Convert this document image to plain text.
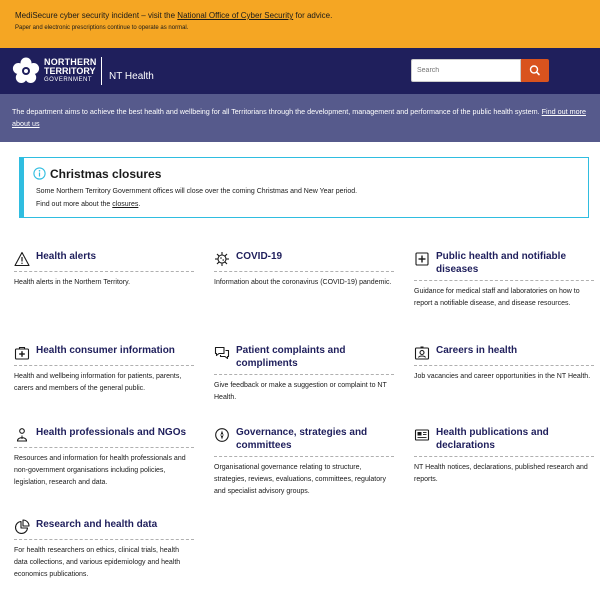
MediSecure cyber security incident – visit the National Office of Cyber Security for advice.
Paper and electronic prescriptions continue to operate as normal.
NORTHERN
TERRITORY
GOVERNMENT	NT Health
Search
The department aims to achieve the best health and wellbeing for all Territorians through the development, management and performance of the public health system. Find out more about us
Christmas closures
Some Northern Territory Government offices will close over the coming Christmas and New Year period.
Find out more about the closures.
Health alerts
Health alerts in the Northern Territory.
COVID-19
Information about the coronavirus (COVID-19) pandemic.
Public health and notifiable diseases
Guidance for medical staff and laboratories on how to report a notifiable disease, and disease resources.
Health consumer information
Health and wellbeing information for patients, parents, carers and members of the general public.
Patient complaints and compliments
Give feedback or make a suggestion or complaint to NT Health.
Careers in health
Job vacancies and career opportunities in the NT Health.
Health professionals and NGOs
Resources and information for health professionals and non-government organisations including policies, legislation, research and data.
Governance, strategies and committees
Organisational governance relating to structure, strategies, reviews, evaluations, committees, regulatory and specialist advisory groups.
Health publications and declarations
NT Health notices, declarations, published research and reports.
Research and health data
For health researchers on ethics, clinical trials, health data collections, and various epidemiology and health economics publications.
